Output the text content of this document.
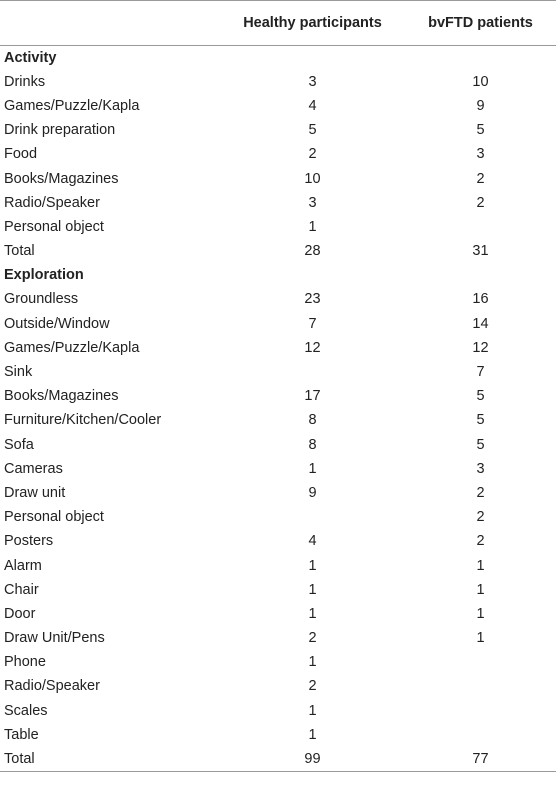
	Healthy participants	bvFTD patients
Activity		
Drinks	3	10
Games/Puzzle/Kapla	4	9
Drink preparation	5	5
Food	2	3
Books/Magazines	10	2
Radio/Speaker	3	2
Personal object	1	
Total	28	31
Exploration		
Groundless	23	16
Outside/Window	7	14
Games/Puzzle/Kapla	12	12
Sink		7
Books/Magazines	17	5
Furniture/Kitchen/Cooler	8	5
Sofa	8	5
Cameras	1	3
Draw unit	9	2
Personal object		2
Posters	4	2
Alarm	1	1
Chair	1	1
Door	1	1
Draw Unit/Pens	2	1
Phone	1	
Radio/Speaker	2	
Scales	1	
Table	1	
Total	99	77
